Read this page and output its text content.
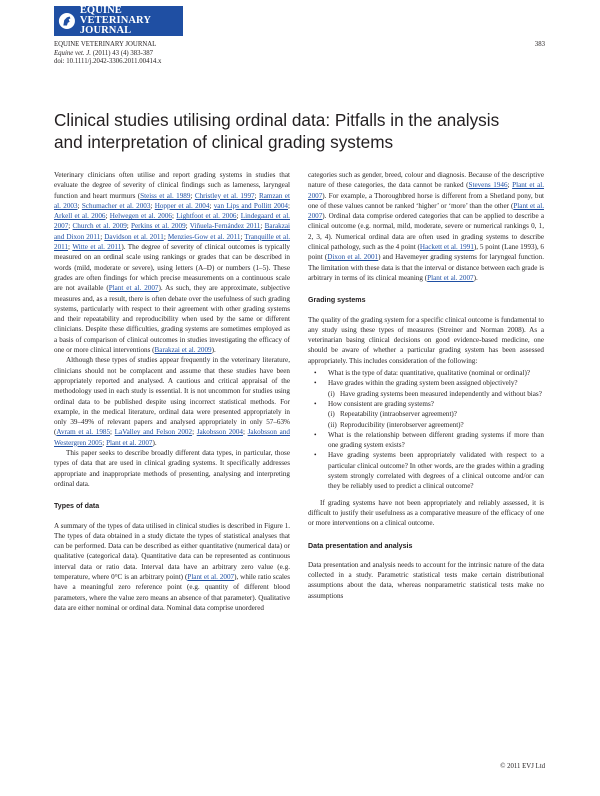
EQUINE VETERINARY
JOURNAL
EQUINE VETERINARY JOURNAL
Equine vet. J. (2011) 43 (4) 383-387
doi: 10.1111/j.2042-3306.2011.00414.x
383
Clinical studies utilising ordinal data: Pitfalls in the analysis
and interpretation of clinical grading systems

Veterinary clinicians often utilise and report grading systems in studies that evaluate the degree of severity of clinical findings such as lameness, laryngeal function and heart murmurs (Steiss et al. 1989; Christley et al. 1997; Ramzan et al. 2003; Schumacher et al. 2003; Hopper et al. 2004; van Lips and Pollitt 2004; Arkell et al. 2006; Helwegen et al. 2006; Lightfoot et al. 2006; Lindegaard et al. 2007; Church et al. 2009; Perkins et al. 2009; Viñuela-Fernández 2011; Barakzai and Dixon 2011; Davidson et al. 2011; Menzies-Gow et al. 2011; Tranquille et al. 2011; Witte et al. 2011). The degree of severity of clinical outcomes is typically measured on an ordinal scale using rankings or grades that can be described in words (mild, moderate or severe), using letters (A–D) or numbers (1–5). These grades are often findings for which precise measurements on a continuous scale are not available (Plant et al. 2007). As such, they are approximate, subjective measures and, as a result, there is often debate over the usefulness of such grading systems, particularly with respect to their agreement with other grading systems and their repeatability and reproducibility when used by the same or different clinicians. Despite these difficulties, grading systems are sometimes employed as a basis of comparison of clinical outcomes in studies investigating the efficacy of one or more clinical interventions (Barakzai et al. 2009).

Although these types of studies appear frequently in the veterinary literature, clinicians should not be complacent and assume that these studies have been appropriately reported and analysed. A cautious and critical appraisal of the methodology used in each study is essential. It is not uncommon for studies using ordinal data to be published despite using incorrect statistical methods. For example, in the medical literature, ordinal data were presented appropriately in only 39–49% of relevant papers and analysed appropriately in only 57–63% (Avram et al. 1985; LaValley and Felson 2002; Jakobsson 2004; Jakobsson and Westergren 2005; Plant et al. 2007).

This paper seeks to describe broadly different data types, in particular, those types of data that are used in clinical grading systems. It specifically addresses appropriate and inappropriate methods of presenting, analysing and interpreting ordinal data.

Types of data

A summary of the types of data utilised in clinical studies is described in Figure 1. The types of data obtained in a study dictate the types of statistical analyses that can be performed. Data can be described as either quantitative (numerical data) or qualitative (categorical data). Quantitative data can be represented as continuous interval data or ratio data. Interval data have an arbitrary zero value (e.g. temperature, where 0°C is an arbitrary point) (Plant et al. 2007), while ratio scales have a meaningful zero reference point (e.g. quantity of different blood parameters, where the value zero means an absence of that parameter). Qualitative data are either nominal or ordinal data. Nominal data comprise unordered

categories such as gender, breed, colour and diagnosis. Because of the descriptive nature of these categories, the data cannot be ranked (Stevens 1946; Plant et al. 2007). For example, a Thoroughbred horse is different from a Shetland pony, but one of these values cannot be ranked ‘higher’ or ‘more’ than the other (Plant et al. 2007). Ordinal data comprise ordered categories that can be applied to describe a clinical outcome (e.g. normal, mild, moderate, severe or numerical rankings 0, 1, 2, 3, 4). Numerical ordinal data are often used in grading systems to describe clinical pathology, such as the 4 point (Hackett et al. 1991), 5 point (Lane 1993), 6 point (Dixon et al. 2001) and Havemeyer grading systems for laryngeal function. The limitation with these data is that the interval or distance between each grade is arbitrary in terms of its clinical meaning (Plant et al. 2007).

Grading systems

The quality of the grading system for a specific clinical outcome is fundamental to any study using these types of measures (Streiner and Norman 2008). As a veterinarian basing clinical decisions on good evidence-based medicine, one should be aware of whether a particular grading system has been assessed appropriately. This includes consideration of the following:

• What is the type of data: quantitative, qualitative (nominal or ordinal)?
• Have grades within the grading system been assigned objectively?
(i) Have grading systems been measured independently and without bias?
• How consistent are grading systems?
(i) Repeatability (intraobserver agreement)?
(ii) Reproducibility (interobserver agreement)?
• What is the relationship between different grading systems if more than one grading system exists?
• Have grading systems been appropriately validated with respect to a particular clinical outcome? In other words, are the grades within a grading system strongly correlated with degrees of a clinical outcome and/or can they be reliably used to predict a clinical outcome?

If grading systems have not been appropriately and reliably assessed, it is difficult to justify their usefulness as a comparative measure of the efficacy of one or more interventions on a clinical outcome.

Data presentation and analysis

Data presentation and analysis needs to account for the intrinsic nature of the data collected in a study. Parametric statistical tests make certain distributional assumptions about the data, whereas nonparametric statistical tests make no assumptions

© 2011 EVJ Ltd
